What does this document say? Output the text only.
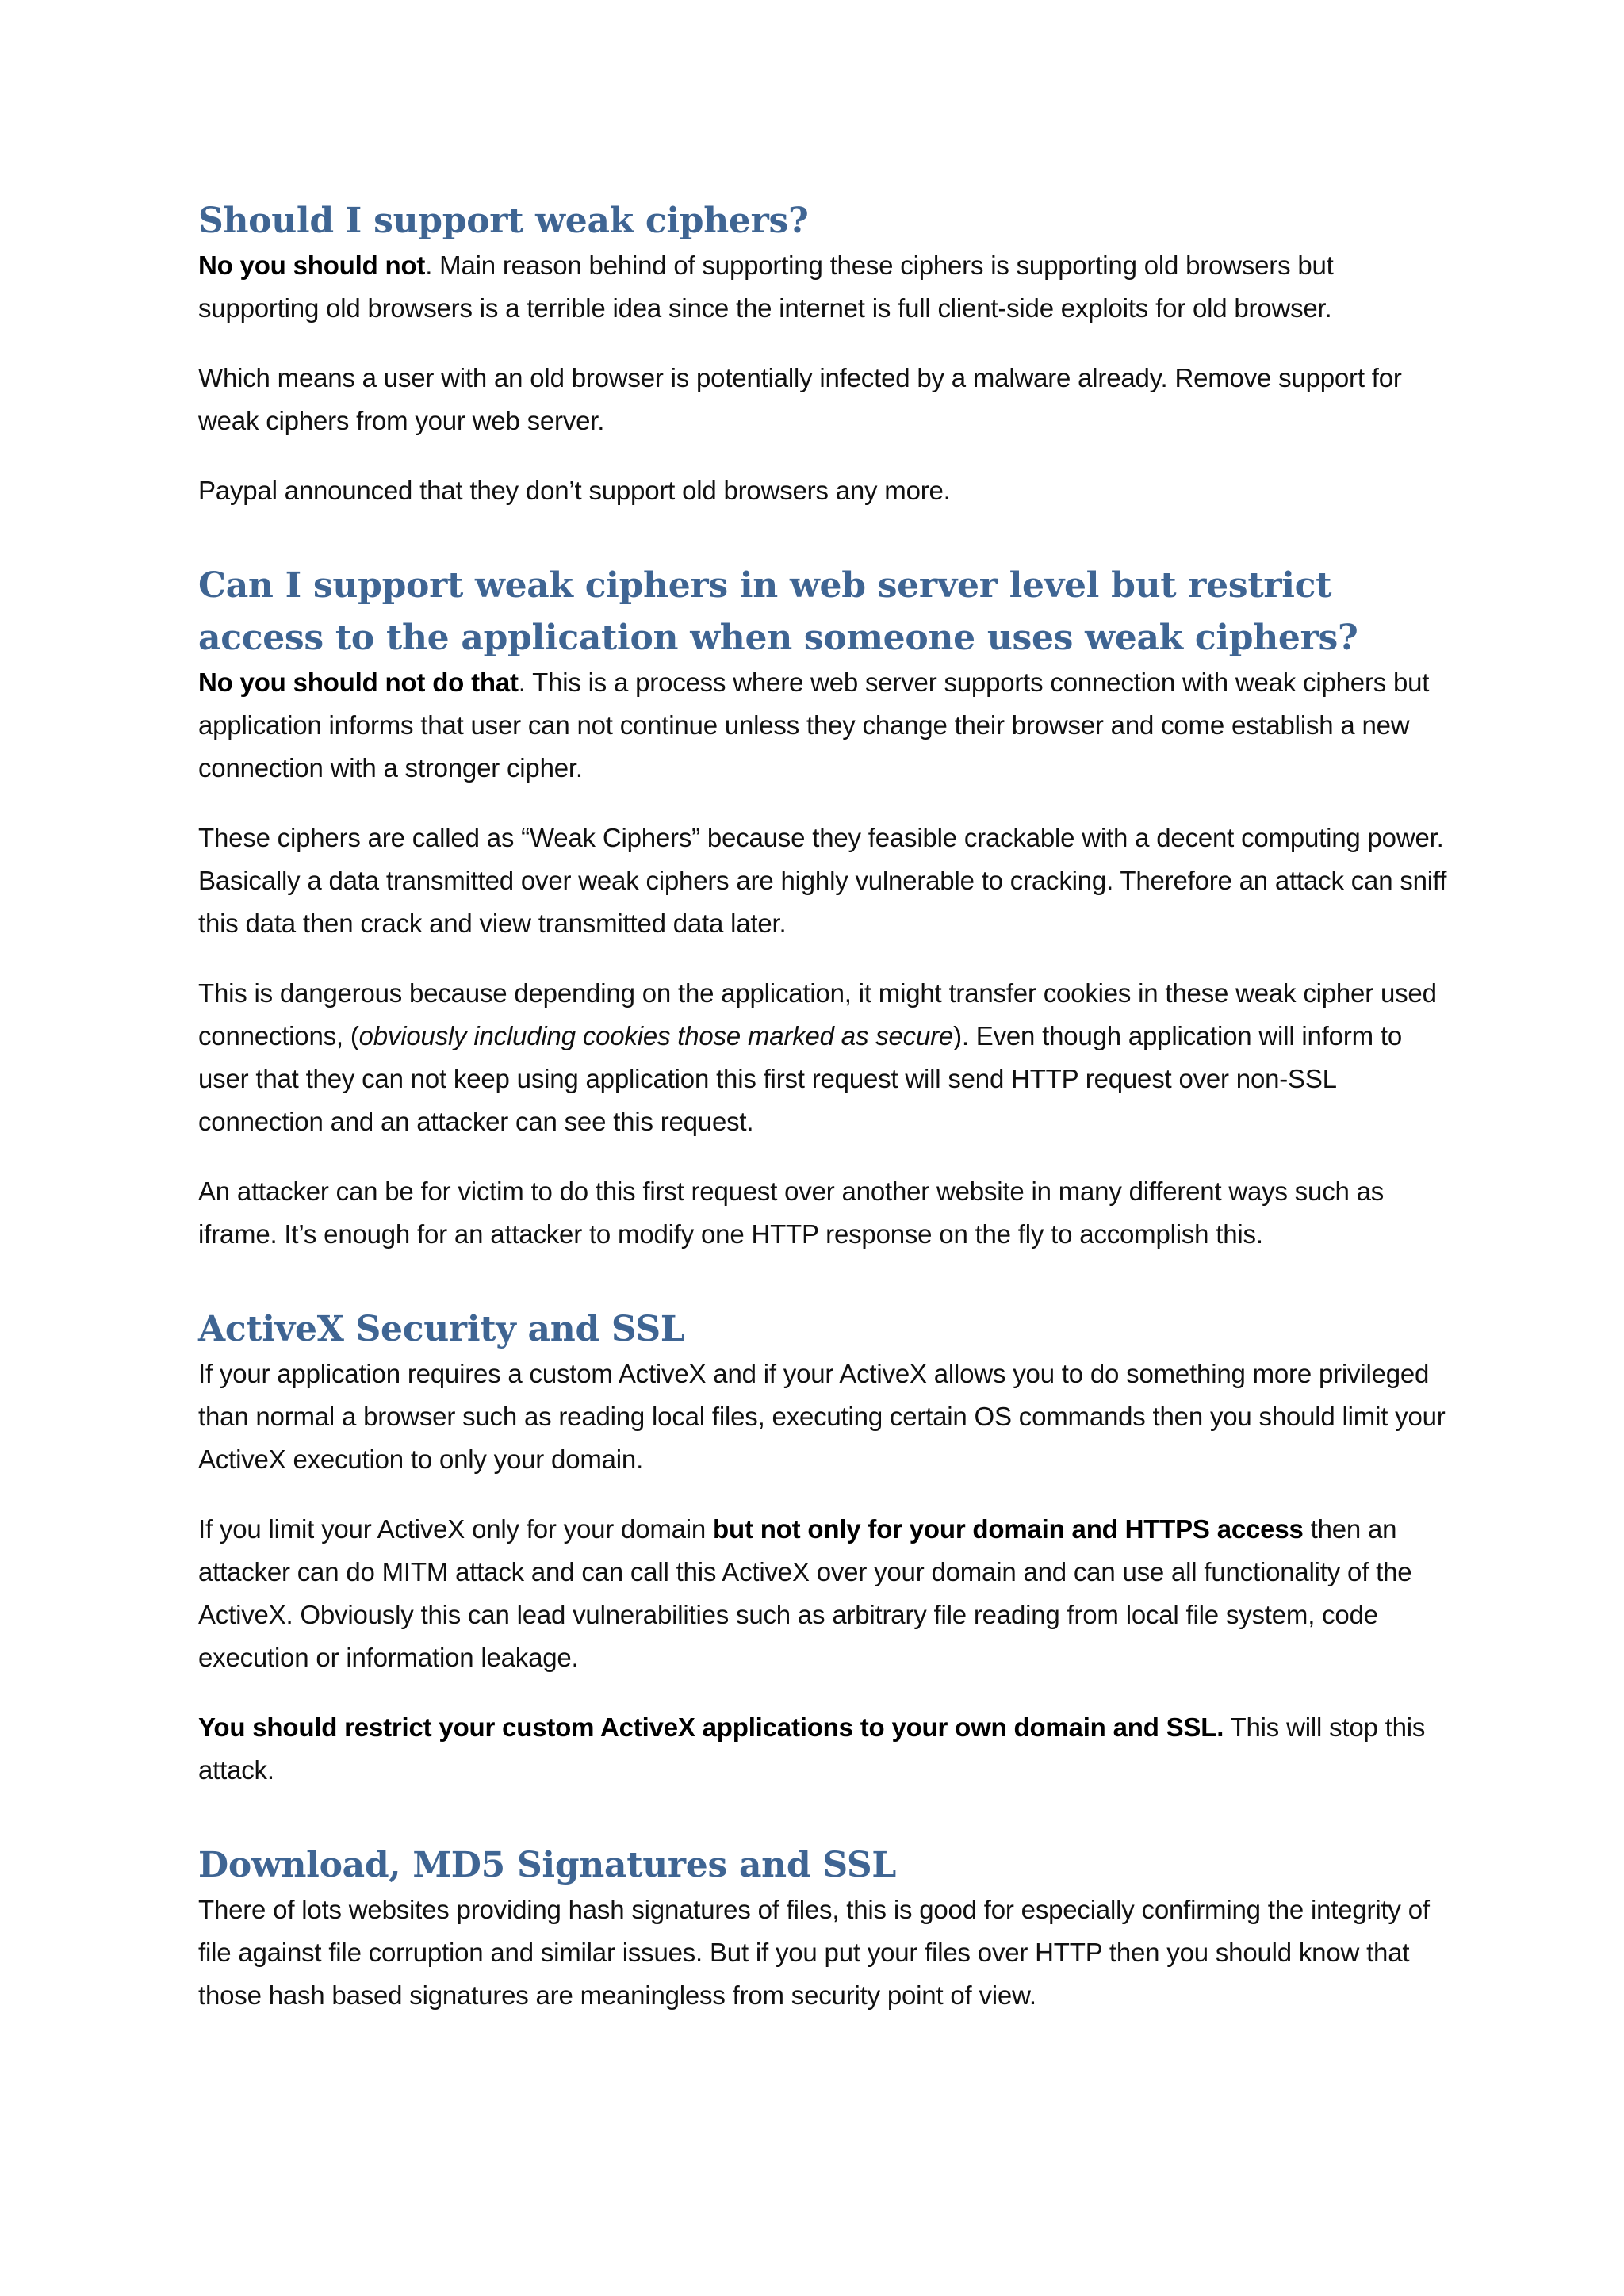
Should I support weak ciphers?

No you should not. Main reason behind of supporting these ciphers is supporting old browsers but supporting old browsers is a terrible idea since the internet is full client-side exploits for old browser.

Which means a user with an old browser is potentially infected by a malware already. Remove support for weak ciphers from your web server.

Paypal announced that they don’t support old browsers any more.

Can I support weak ciphers in web server level but restrict access to the application when someone uses weak ciphers?

No you should not do that. This is a process where web server supports connection with weak ciphers but application informs that user can not continue unless they change their browser and come establish a new connection with a stronger cipher.

These ciphers are called as “Weak Ciphers” because they feasible crackable with a decent computing power. Basically a data transmitted over weak ciphers are highly vulnerable to cracking. Therefore an attack can sniff this data then crack and view transmitted data later.

This is dangerous because depending on the application, it might transfer cookies in these weak cipher used connections, (obviously including cookies those marked as secure). Even though application will inform to user that they can not keep using application this first request will send HTTP request over non-SSL connection and an attacker can see this request.

An attacker can be for victim to do this first request over another website in many different ways such as iframe. It’s enough for an attacker to modify one HTTP response on the fly to accomplish this.

ActiveX Security and SSL

If your application requires a custom ActiveX and if your ActiveX allows you to do something more privileged than normal a browser such as reading local files, executing certain OS commands then you should limit your ActiveX execution to only your domain.

If you limit your ActiveX only for your domain but not only for your domain and HTTPS access then an attacker can do MITM attack and can call this ActiveX over your domain and can use all functionality of the ActiveX. Obviously this can lead vulnerabilities such as arbitrary file reading from local file system, code execution or information leakage.

You should restrict your custom ActiveX applications to your own domain and SSL. This will stop this attack.

Download, MD5 Signatures and SSL

There of lots websites providing hash signatures of files, this is good for especially confirming the integrity of file against file corruption and similar issues. But if you put your files over HTTP then you should know that those hash based signatures are meaningless from security point of view.
